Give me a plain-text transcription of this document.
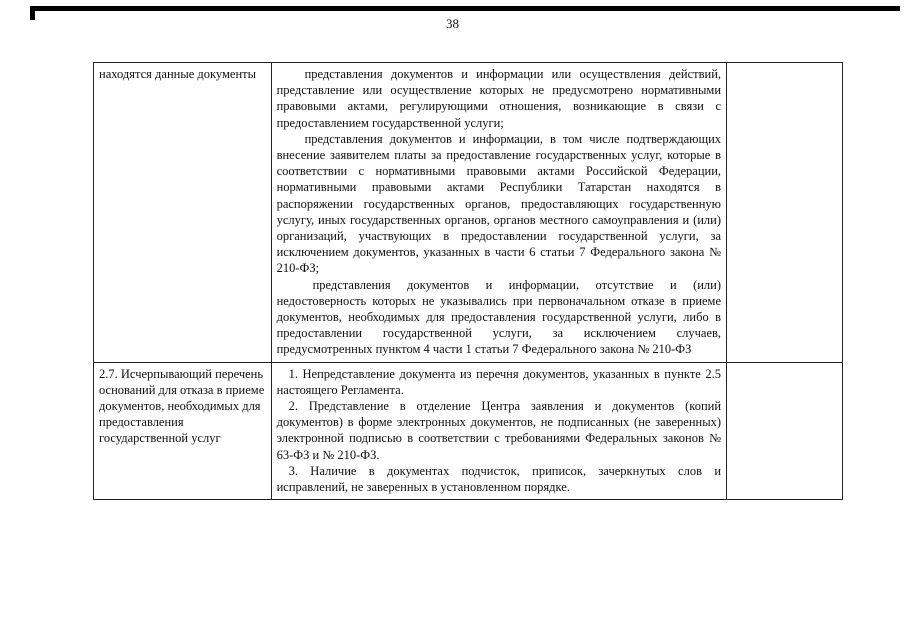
38
находятся данные документы	представления документов и информации или осуществления действий, представление или осуществление которых не предусмотрено нормативными правовыми актами, регулирующими отношения, возникающие в связи с предоставлением государственной услуги;

представления документов и информации, в том числе подтверждающих внесение заявителем платы за предоставление государственных услуг, которые в соответствии с нормативными правовыми актами Российской Федерации, нормативными правовыми актами Республики Татарстан находятся в распоряжении государственных органов, предоставляющих государственную услугу, иных государственных органов, органов местного самоуправления и (или) организаций, участвующих в предоставлении государственной услуги, за исключением документов, указанных в части 6 статьи 7 Федерального закона № 210-ФЗ;

представления документов и информации, отсутствие и (или) недостоверность которых не указывались при первоначальном отказе в приеме документов, необходимых для предоставления государственной услуги, либо в предоставлении государственной услуги, за исключением случаев, предусмотренных пунктом 4 части 1 статьи 7 Федерального закона № 210-ФЗ	

2.7. Исчерпывающий перечень оснований для отказа в приеме документов, необходимых для предоставления государственной услуг	1. Непредставление документа из перечня документов, указанных в пункте 2.5 настоящего Регламента.

2. Представление в отделение Центра заявления и документов (копий документов) в форме электронных документов, не подписанных (не заверенных) электронной подписью в соответствии с требованиями Федеральных законов № 63-ФЗ и № 210-ФЗ.

3. Наличие в документах подчисток, приписок, зачеркнутых слов и исправлений, не заверенных в установленном порядке.	
